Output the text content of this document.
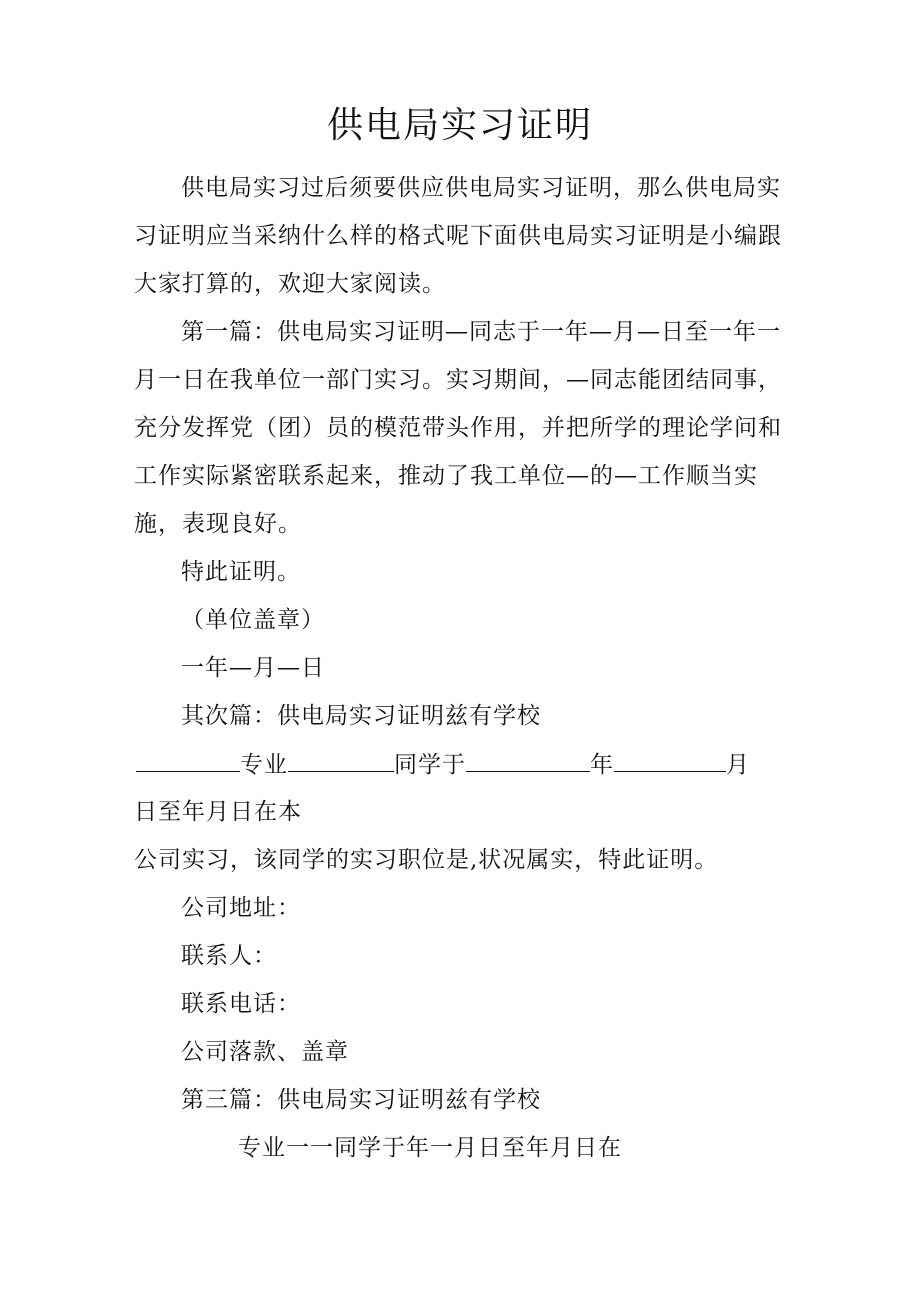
供电局实习证明
供电局实习过后须要供应供电局实习证明，那么供电局实习证明应当采纳什么样的格式呢下面供电局实习证明是小编跟大家打算的，欢迎大家阅读。
第一篇：供电局实习证明—同志于一年—月—日至一年一月一日在我单位一部门实习。实习期间，—同志能团结同事，充分发挥党（团）员的模范带头作用，并把所学的理论学问和工作实际紧密联系起来，推动了我工单位—的—工作顺当实施，表现良好。
特此证明。
（单位盖章）
一年—月—日
其次篇：供电局实习证明兹有学校
专业	同学于	年	月
日至年月日在本
公司实习，该同学的实习职位是,状况属实，特此证明。
公司地址：
联系人：
联系电话：
公司落款、盖章
第三篇：供电局实习证明兹有学校
专业一一同学于年一月日至年月日在
